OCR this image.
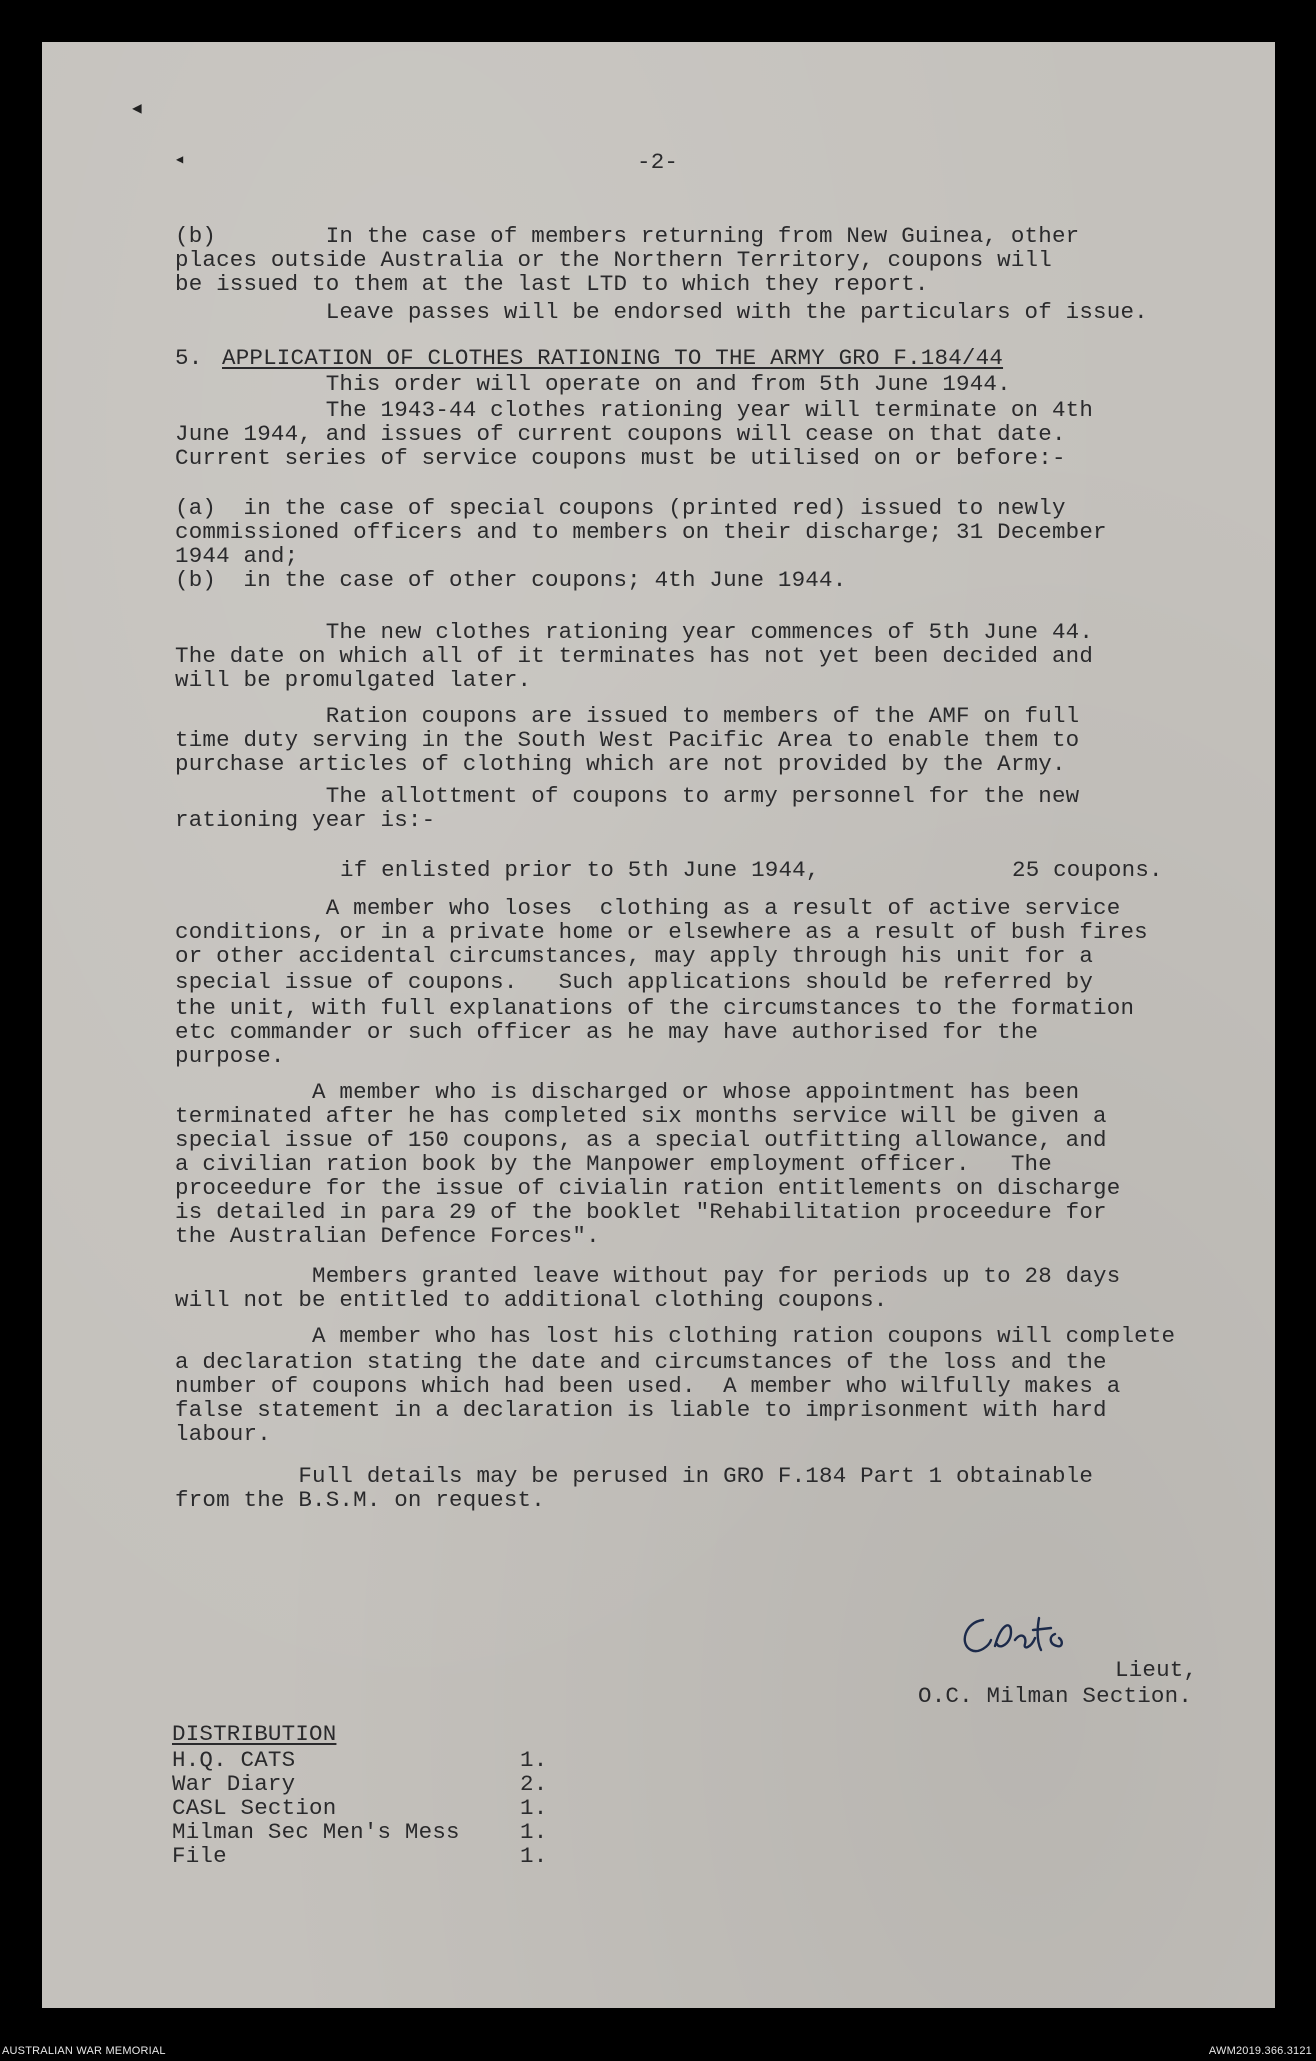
◀
◀	-2-
(b)        In the case of members returning from New Guinea, other
places outside Australia or the Northern Territory, coupons will
be issued to them at the last LTD to which they report.
Leave passes will be endorsed with the particulars of issue.
5. APPLICATION OF CLOTHES RATIONING TO THE ARMY GRO F.184/44
This order will operate on and from 5th June 1944.
The 1943-44 clothes rationing year will terminate on 4th
June 1944, and issues of current coupons will cease on that date.
Current series of service coupons must be utilised on or before:-
(a)  in the case of special coupons (printed red) issued to newly
commissioned officers and to members on their discharge; 31 December
1944 and;
(b)  in the case of other coupons; 4th June 1944.
The new clothes rationing year commences of 5th June 44.
The date on which all of it terminates has not yet been decided and
will be promulgated later.
Ration coupons are issued to members of the AMF on full
time duty serving in the South West Pacific Area to enable them to
purchase articles of clothing which are not provided by the Army.
The allottment of coupons to army personnel for the new
rationing year is:-
if enlisted prior to 5th June 1944,	25 coupons.
A member who loses  clothing as a result of active service
conditions, or in a private home or elsewhere as a result of bush fires
or other accidental circumstances, may apply through his unit for a
special issue of coupons.   Such applications should be referred by
the unit, with full explanations of the circumstances to the formation
etc commander or such officer as he may have authorised for the
purpose.
A member who is discharged or whose appointment has been
terminated after he has completed six months service will be given a
special issue of 150 coupons, as a special outfitting allowance, and
a civilian ration book by the Manpower employment officer.   The
proceedure for the issue of civialin ration entitlements on discharge
is detailed in para 29 of the booklet "Rehabilitation proceedure for
the Australian Defence Forces".
Members granted leave without pay for periods up to 28 days
will not be entitled to additional clothing coupons.
A member who has lost his clothing ration coupons will complete
a declaration stating the date and circumstances of the loss and the
number of coupons which had been used.  A member who wilfully makes a
false statement in a declaration is liable to imprisonment with hard
labour.
Full details may be perused in GRO F.184 Part 1 obtainable
from the B.S.M. on request.
Lieut,
O.C. Milman Section.
DISTRIBUTION
H.Q. CATS	1.
War Diary	2.
CASL Section	1.
Milman Sec Men's Mess	1.
File	1.
AUSTRALIAN WAR MEMORIAL	AWM2019.366.3121
